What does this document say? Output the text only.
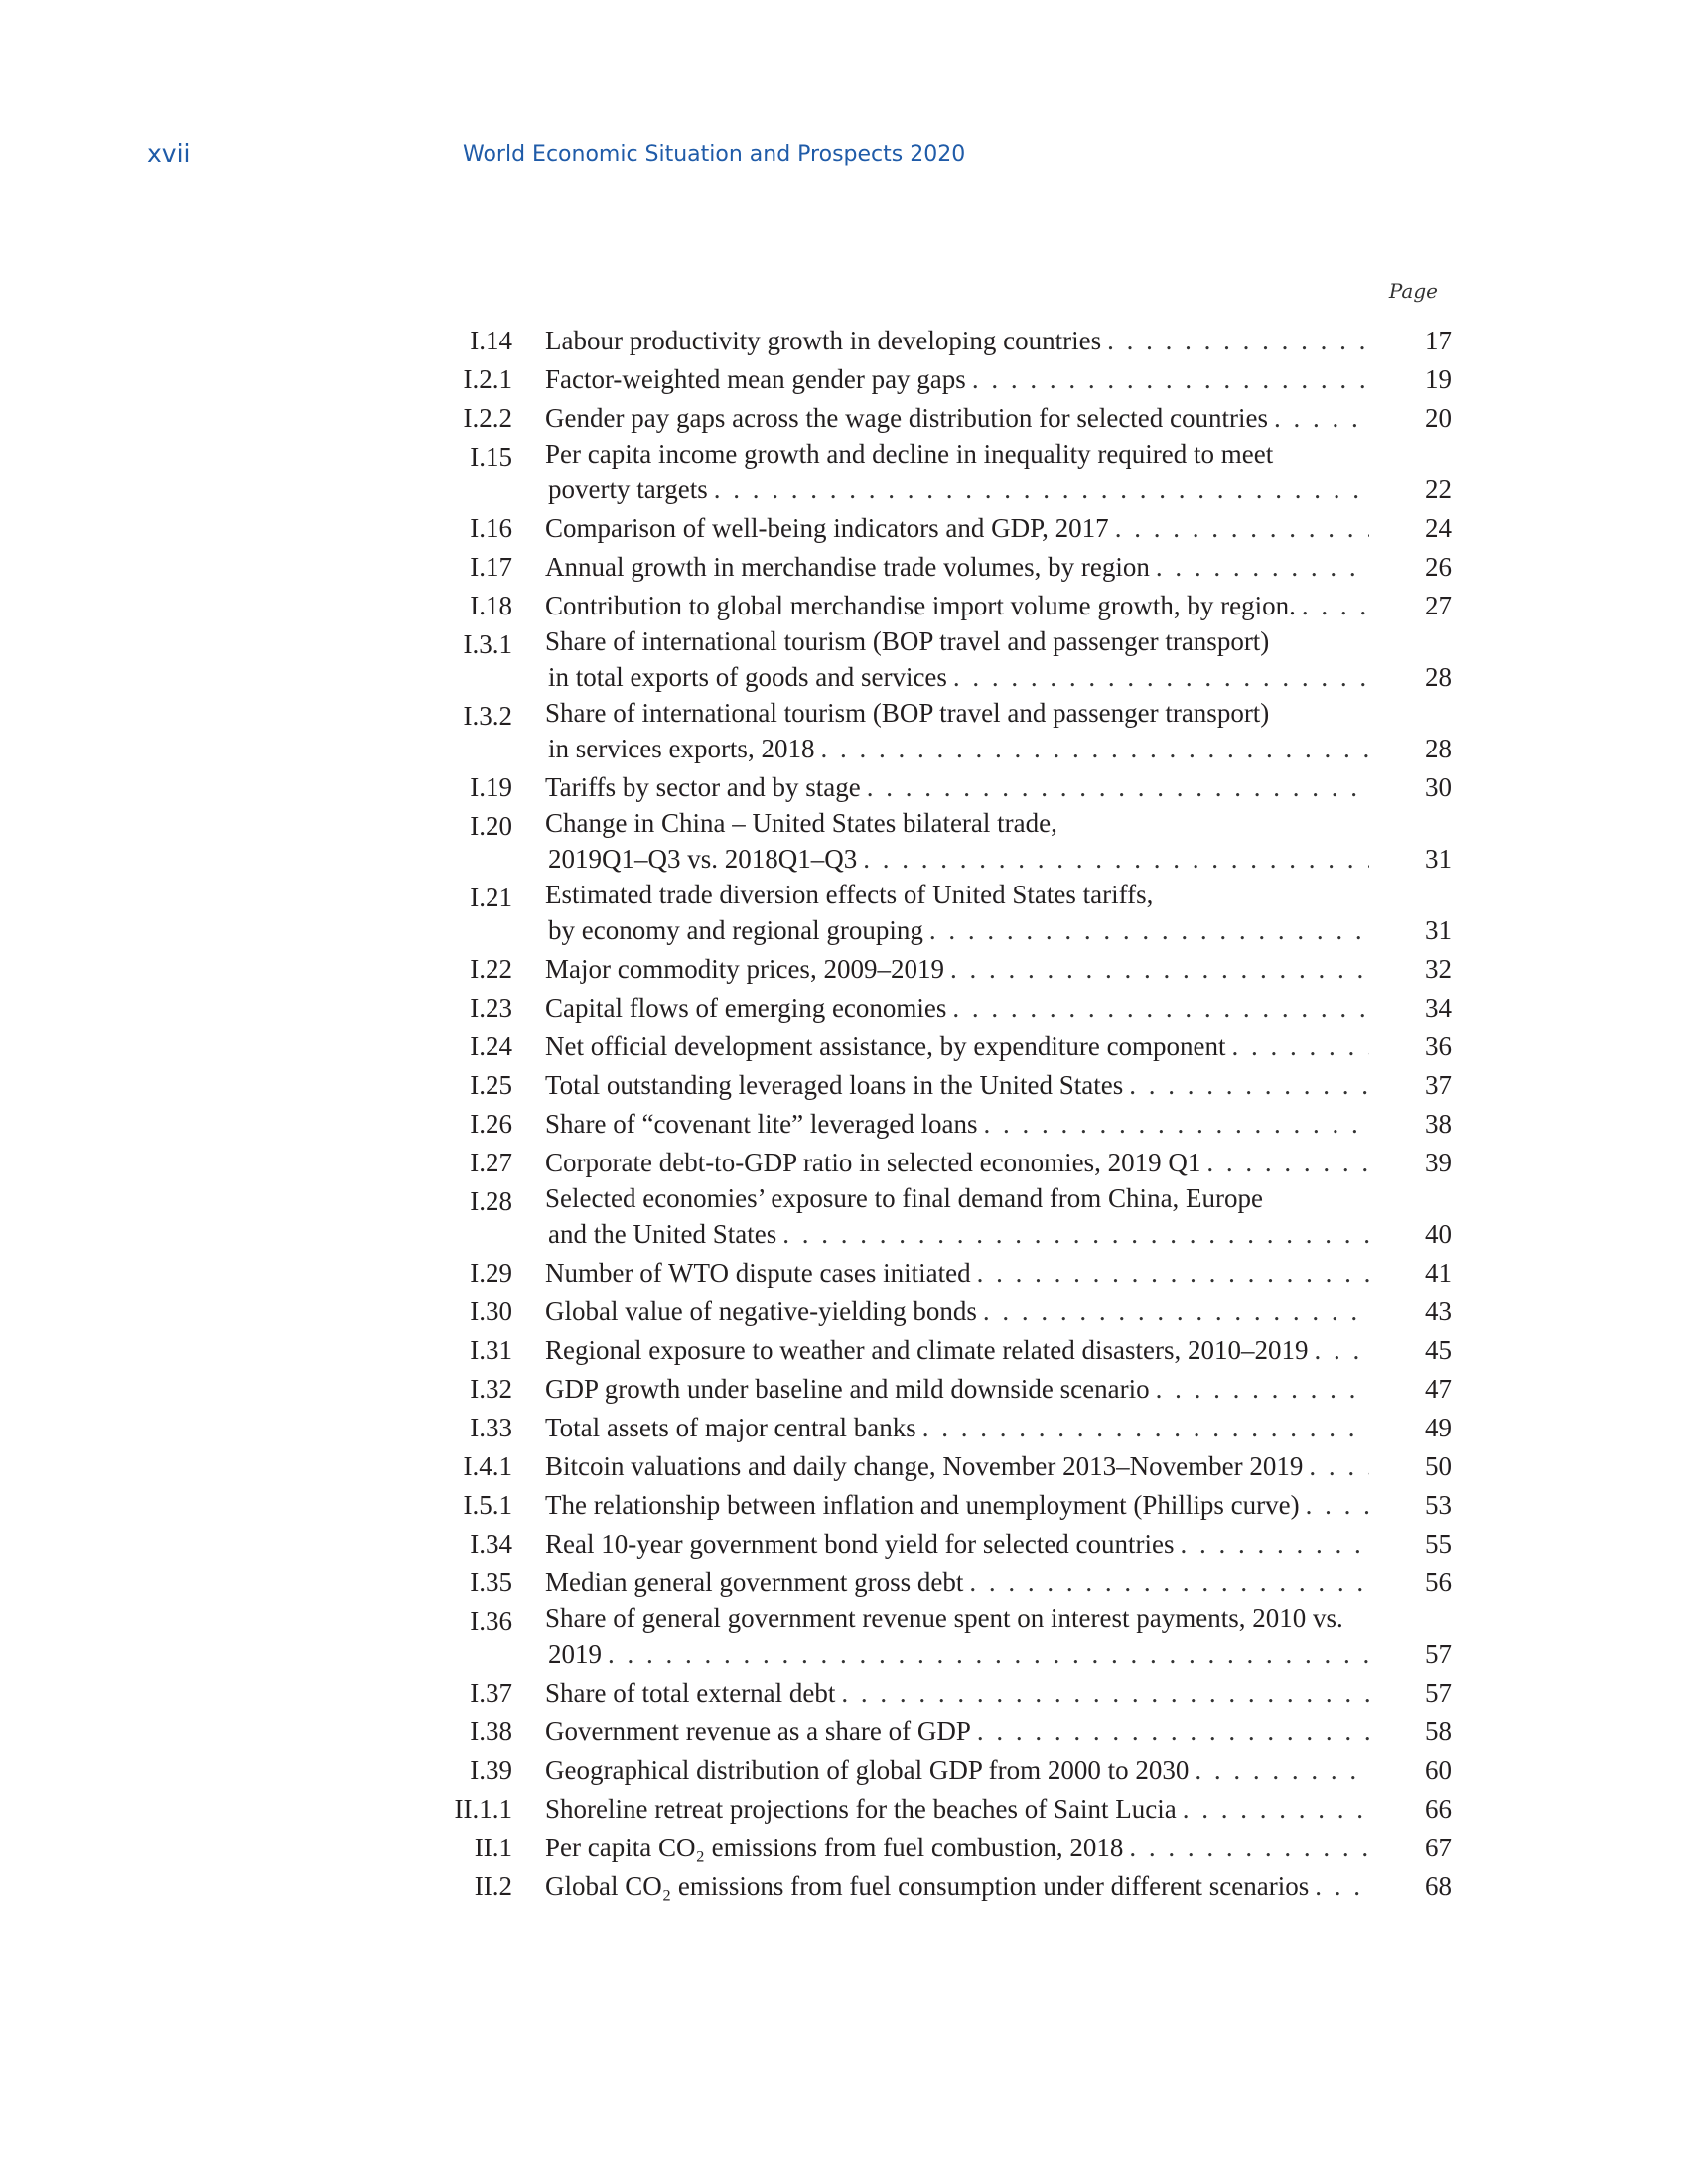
xvii	World Economic Situation and Prospects 2020
Page
I.14 Labour productivity growth in developing countries . . .	17
I.2.1 Factor-weighted mean gender pay gaps . . .	19
I.2.2 Gender pay gaps across the wage distribution for selected countries . . .	20
I.15 Per capita income growth and decline in inequality required to meet
poverty targets . . .	22
I.16 Comparison of well-being indicators and GDP, 2017 . . .	24
I.17 Annual growth in merchandise trade volumes, by region . . .	26
I.18 Contribution to global merchandise import volume growth, by region. . . .	27
I.3.1 Share of international tourism (BOP travel and passenger transport)
in total exports of goods and services . . .	28
I.3.2 Share of international tourism (BOP travel and passenger transport)
in services exports, 2018 . . .	28
I.19 Tariffs by sector and by stage . . .	30
I.20 Change in China – United States bilateral trade,
2019Q1–Q3 vs. 2018Q1–Q3 . . .	31
I.21 Estimated trade diversion effects of United States tariffs,
by economy and regional grouping . . .	31
I.22 Major commodity prices, 2009–2019 . . .	32
I.23 Capital flows of emerging economies . . .	34
I.24 Net official development assistance, by expenditure component . . .	36
I.25 Total outstanding leveraged loans in the United States . . .	37
I.26 Share of “covenant lite” leveraged loans . . .	38
I.27 Corporate debt-to-GDP ratio in selected economies, 2019 Q1 . . .	39
I.28 Selected economies’ exposure to final demand from China, Europe
and the United States . . .	40
I.29 Number of WTO dispute cases initiated . . .	41
I.30 Global value of negative-yielding bonds . . .	43
I.31 Regional exposure to weather and climate related disasters, 2010–2019 . . .	45
I.32 GDP growth under baseline and mild downside scenario . . .	47
I.33 Total assets of major central banks . . .	49
I.4.1 Bitcoin valuations and daily change, November 2013–November 2019 . . .	50
I.5.1 The relationship between inflation and unemployment (Phillips curve) . . .	53
I.34 Real 10-year government bond yield for selected countries . . .	55
I.35 Median general government gross debt . . .	56
I.36 Share of general government revenue spent on interest payments, 2010 vs.
2019 . . .	57
I.37 Share of total external debt . . .	57
I.38 Government revenue as a share of GDP . . .	58
I.39 Geographical distribution of global GDP from 2000 to 2030 . . .	60
II.1.1 Shoreline retreat projections for the beaches of Saint Lucia . . .	66
II.1 Per capita CO₂ emissions from fuel combustion, 2018 . . .	67
II.2 Global CO₂ emissions from fuel consumption under different scenarios . . .	68
